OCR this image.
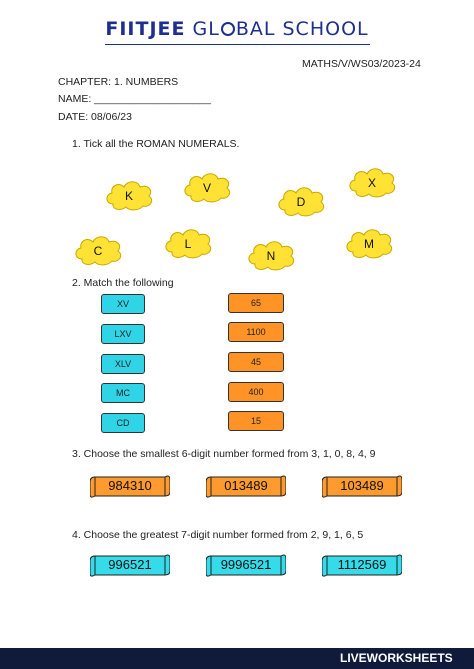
FIITJEE GL BAL SCHOOL
MATHS/V/WS03/2023-24
CHAPTER: 1. NUMBERS
NAME: ____________________
DATE: 08/06/23
1. Tick all the ROMAN NUMERALS.
K
V
D
X
C	L
N
M
2. Match the following
XV
LXV
XLV
MC
CD
65
1100
45
400
15
3. Choose the smallest 6-digit number formed from 3, 1, 0, 8, 4, 9
984310	013489	103489
4. Choose the greatest 7-digit number formed from 2, 9, 1, 6, 5
996521	9996521	1112569
LIVEWORKSHEETS
